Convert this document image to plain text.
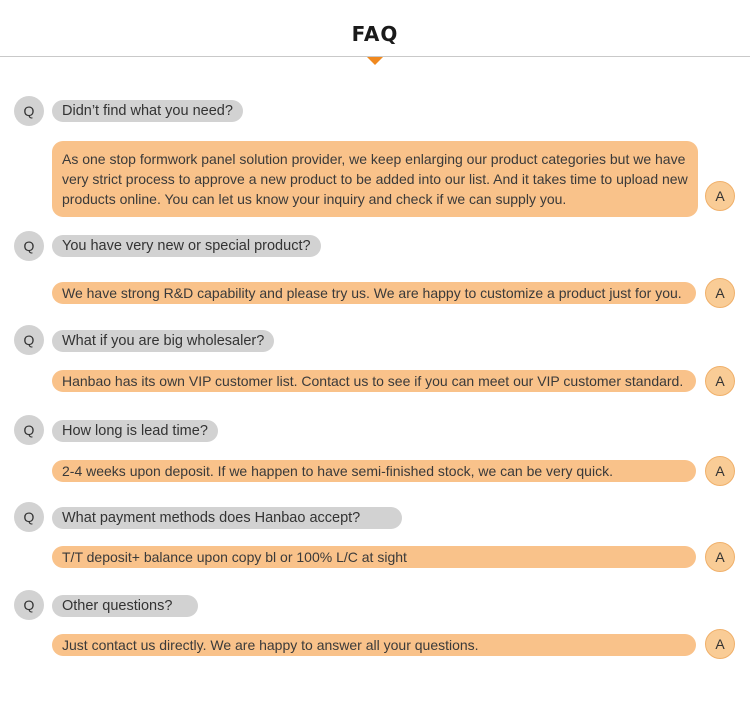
FAQ
Q	Didn’t find what you need?
As one stop formwork panel solution provider, we keep enlarging our product categories but we have very strict process to approve a new product to be added into our list. And it takes time to upload new products online. You can let us know your inquiry and check if we can supply you.	A
Q	You have very new or special product?
We have strong R&D capability and please try us. We are happy to customize a product just for you.	A
Q	What if you are big wholesaler?
Hanbao has its own VIP customer list. Contact us to see if you can meet our VIP customer standard.	A
Q	How long is lead time?
2-4 weeks upon deposit. If we happen to have semi-finished stock, we can be very quick.	A
Q	What payment methods does Hanbao accept?
T/T deposit+ balance upon copy bl or 100% L/C at sight	A
Q	Other questions?
Just contact us directly. We are happy to answer all your questions.	A
